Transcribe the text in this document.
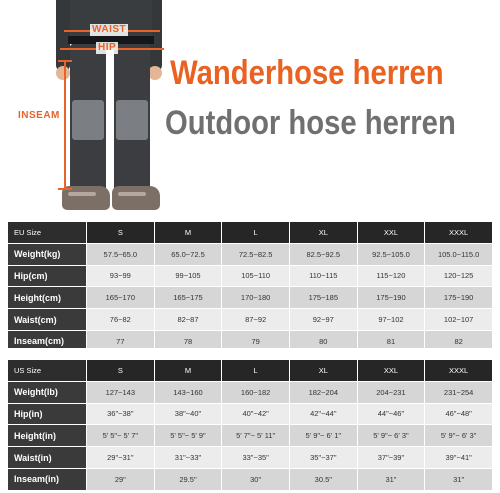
WAIST
HIP
INSEAM
Wanderhose herren
Outdoor hose herren
EU Size	S	M	L	XL	XXL	XXXL
Weight(kg)	57.5~65.0	65.0~72.5	72.5~82.5	82.5~92.5	92.5~105.0	105.0~115.0
Hip(cm)	93~99	99~105	105~110	110~115	115~120	120~125
Height(cm)	165~170	165~175	170~180	175~185	175~190	175~190
Waist(cm)	76~82	82~87	87~92	92~97	97~102	102~107
Inseam(cm)	77	78	79	80	81	82
US Size	S	M	L	XL	XXL	XXXL
Weight(lb)	127~143	143~160	160~182	182~204	204~231	231~254
Hip(in)	36"~38"	38"~40"	40"~42"	42"~44"	44"~46"	46"~48"
Height(in)	5' 5"~ 5' 7"	5' 5"~ 5' 9"	5' 7"~ 5' 11"	5' 9"~ 6' 1"	5' 9"~ 6' 3"	5' 9"~ 6' 3"
Waist(in)	29"~31"	31"~33"	33"~35"	35"~37"	37"~39"	39"~41"
Inseam(in)	29"	29.5"	30"	30.5"	31"	31"
